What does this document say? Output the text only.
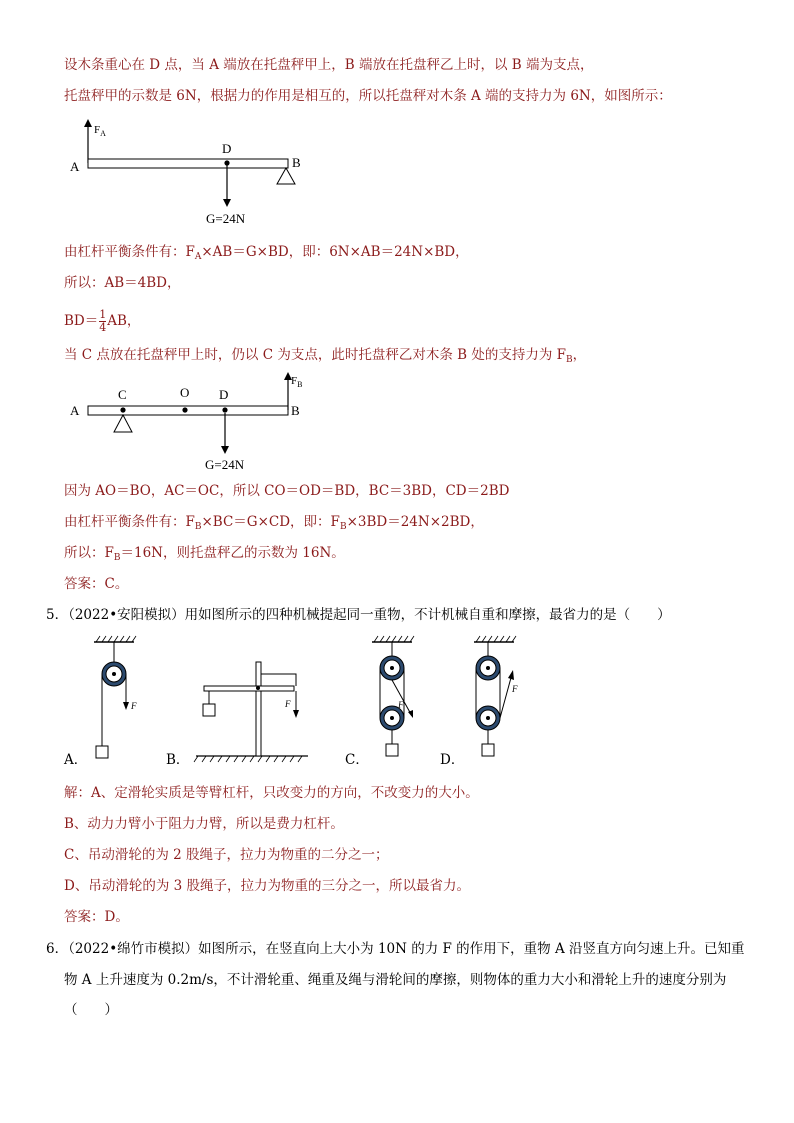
设木条重心在 D 点，当 A 端放在托盘秤甲上，B 端放在托盘秤乙上时，以 B 端为支点，
托盘秤甲的示数是 6N，根据力的作用是相互的，所以托盘秤对木条 A 端的支持力为 6N，如图所示：
$F_A$
D
A	B
G=24N
由杠杆平衡条件有：$F_A\times AB=G\times BD$，即：6N×AB＝24N×BD，
所以：AB＝4BD，
$BD= \frac{1}{4}$ AB，
当 C 点放在托盘秤甲上时，仍以 C 为支点，此时托盘秤乙对木条 B 处的支持力为 $F_B$，
A	B
C	O D
$F_B$
G=24N
因为 AO＝BO，AC＝OC，所以 CO＝OD＝BD，BC＝3BD，CD＝2BD
由杠杆平衡条件有：$F_B\times BC=G\times CD$，即：$F_B\times 3BD=24N\times 2BD$，
所以：$F_B=16N$，则托盘秤乙的示数为 16N。
答案：C。
5．（2022•安阳模拟）用如图所示的四种机械提起同一重物，不计机械自重和摩擦，最省力的是（　　）
F
A．
F
B．
F
C．
F
D．
解：A、定滑轮实质是等臂杠杆，只改变力的方向，不改变力的大小。
B、动力力臂小于阻力力臂，所以是费力杠杆。
C、吊动滑轮的为 2 股绳子，拉力为物重的二分之一；
D、吊动滑轮的为 3 股绳子，拉力为物重的三分之一，所以最省力。
答案：D。
6．（2022•绵竹市模拟）如图所示，在竖直向上大小为 10N 的力 F 的作用下，重物 A 沿竖直方向匀速上升。已知重
物 A 上升速度为 0.2m/s，不计滑轮重、绳重及绳与滑轮间的摩擦，则物体的重力大小和滑轮上升的速度分别为
（　　）
